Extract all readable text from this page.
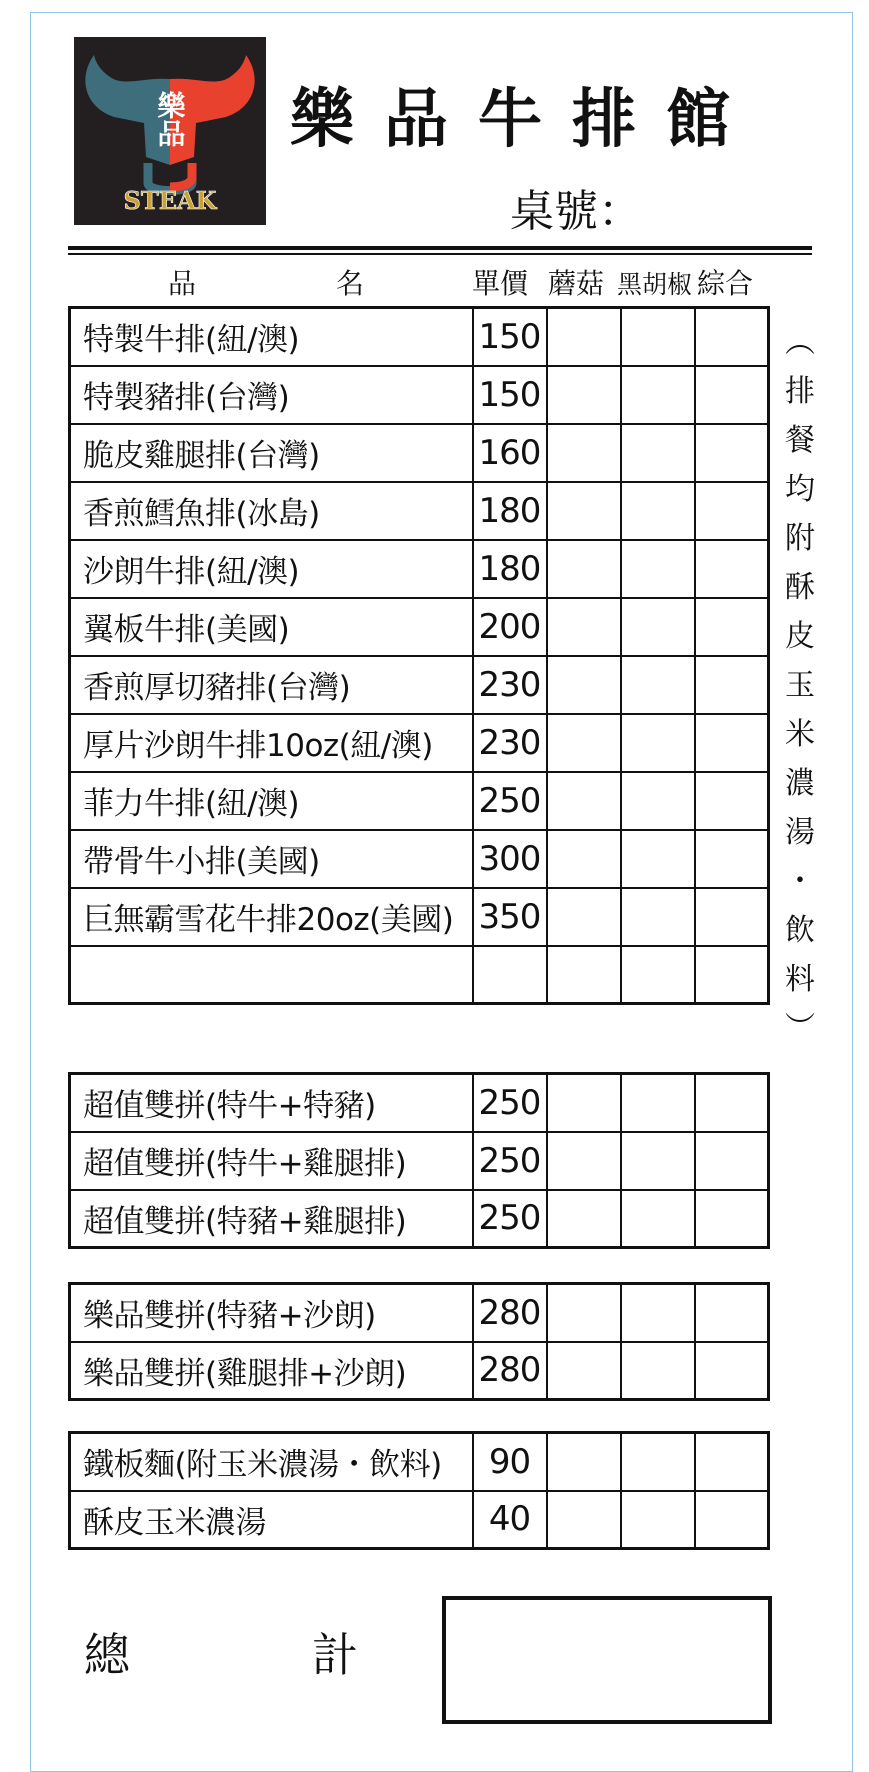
樂品
STEAK
樂品牛排館
桌號：
品	名	單價 蘑菇 黑胡椒 綜合
特製牛排(紐/澳)	150			
特製豬排(台灣)	150			
脆皮雞腿排(台灣)	160			
香煎鱈魚排(冰島)	180			
沙朗牛排(紐/澳)	180			
翼板牛排(美國)	200			
香煎厚切豬排(台灣)	230			
厚片沙朗牛排10oz(紐/澳)	230			
菲力牛排(紐/澳)	250			
帶骨牛小排(美國)	300			
巨無霸雪花牛排20oz(美國)	350			

超值雙拼(特牛+特豬)	250			
超值雙拼(特牛+雞腿排)	250			
超值雙拼(特豬+雞腿排)	250			
樂品雙拼(特豬+沙朗)	280			
樂品雙拼(雞腿排+沙朗)	280			
鐵板麵(附玉米濃湯・飲料)	90			
酥皮玉米濃湯	40			
︵
排
餐
均
附
酥
皮
玉
米
濃
湯
・
飲
料
︶
總	計
